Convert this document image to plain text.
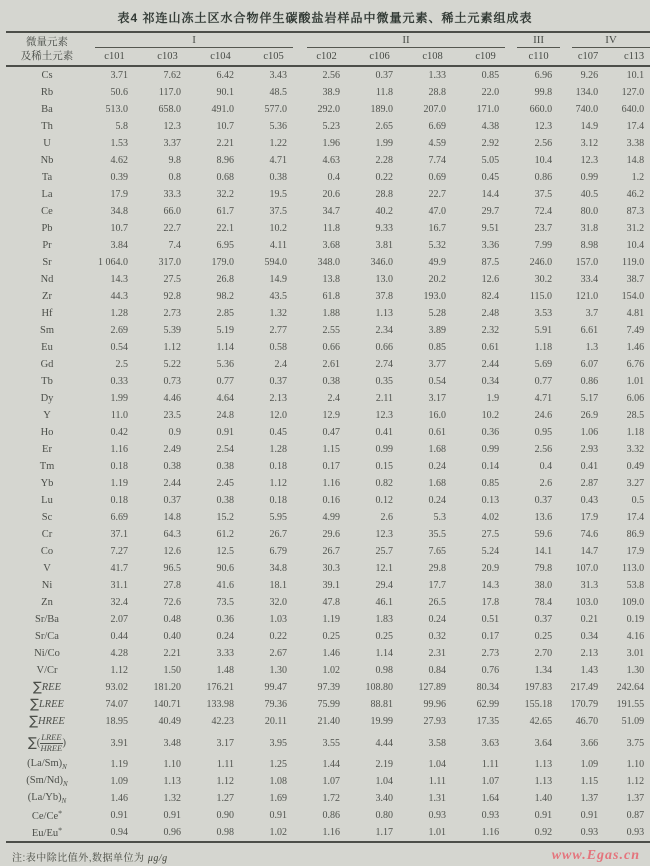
表4 祁连山冻土区水合物伴生碳酸盐岩样品中微量元素、稀土元素组成表
微量元素
及稀土元素	I				II				III	IV	

	c101	c103	c104	c105	c102	c106	c108	c109	c110	c107	c113
Cs	3.71	7.62	6.42	3.43	2.56	0.37	1.33	0.85	6.96	9.26	10.1
Rb	50.6	117.0	90.1	48.5	38.9	11.8	28.8	22.0	99.8	134.0	127.0
Ba	513.0	658.0	491.0	577.0	292.0	189.0	207.0	171.0	660.0	740.0	640.0
Th	5.8	12.3	10.7	5.36	5.23	2.65	6.69	4.38	12.3	14.9	17.4
U	1.53	3.37	2.21	1.22	1.96	1.99	4.59	2.92	2.56	3.12	3.38
Nb	4.62	9.8	8.96	4.71	4.63	2.28	7.74	5.05	10.4	12.3	14.8
Ta	0.39	0.8	0.68	0.38	0.4	0.22	0.69	0.45	0.86	0.99	1.2
La	17.9	33.3	32.2	19.5	20.6	28.8	22.7	14.4	37.5	40.5	46.2
Ce	34.8	66.0	61.7	37.5	34.7	40.2	47.0	29.7	72.4	80.0	87.3
Pb	10.7	22.7	22.1	10.2	11.8	9.33	16.7	9.51	23.7	31.8	31.2
Pr	3.84	7.4	6.95	4.11	3.68	3.81	5.32	3.36	7.99	8.98	10.4
Sr	1 064.0	317.0	179.0	594.0	348.0	346.0	49.9	87.5	246.0	157.0	119.0
Nd	14.3	27.5	26.8	14.9	13.8	13.0	20.2	12.6	30.2	33.4	38.7
Zr	44.3	92.8	98.2	43.5	61.8	37.8	193.0	82.4	115.0	121.0	154.0
Hf	1.28	2.73	2.85	1.32	1.88	1.13	5.28	2.48	3.53	3.7	4.81
Sm	2.69	5.39	5.19	2.77	2.55	2.34	3.89	2.32	5.91	6.61	7.49
Eu	0.54	1.12	1.14	0.58	0.66	0.66	0.85	0.61	1.18	1.3	1.46
Gd	2.5	5.22	5.36	2.4	2.61	2.74	3.77	2.44	5.69	6.07	6.76
Tb	0.33	0.73	0.77	0.37	0.38	0.35	0.54	0.34	0.77	0.86	1.01
Dy	1.99	4.46	4.64	2.13	2.4	2.11	3.17	1.9	4.71	5.17	6.06
Y	11.0	23.5	24.8	12.0	12.9	12.3	16.0	10.2	24.6	26.9	28.5
Ho	0.42	0.9	0.91	0.45	0.47	0.41	0.61	0.36	0.95	1.06	1.18
Er	1.16	2.49	2.54	1.28	1.15	0.99	1.68	0.99	2.56	2.93	3.32
Tm	0.18	0.38	0.38	0.18	0.17	0.15	0.24	0.14	0.4	0.41	0.49
Yb	1.19	2.44	2.45	1.12	1.16	0.82	1.68	0.85	2.6	2.87	3.27
Lu	0.18	0.37	0.38	0.18	0.16	0.12	0.24	0.13	0.37	0.43	0.5
Sc	6.69	14.8	15.2	5.95	4.99	2.6	5.3	4.02	13.6	17.9	17.4
Cr	37.1	64.3	61.2	26.7	29.6	12.3	35.5	27.5	59.6	74.6	86.9
Co	7.27	12.6	12.5	6.79	26.7	25.7	7.65	5.24	14.1	14.7	17.9
V	41.7	96.5	90.6	34.8	30.3	12.1	29.8	20.9	79.8	107.0	113.0
Ni	31.1	27.8	41.6	18.1	39.1	29.4	17.7	14.3	38.0	31.3	53.8
Zn	32.4	72.6	73.5	32.0	47.8	46.1	26.5	17.8	78.4	103.0	109.0
Sr/Ba	2.07	0.48	0.36	1.03	1.19	1.83	0.24	0.51	0.37	0.21	0.19
Sr/Ca	0.44	0.40	0.24	0.22	0.25	0.25	0.32	0.17	0.25	0.34	4.16
Ni/Co	4.28	2.21	3.33	2.67	1.46	1.14	2.31	2.73	2.70	2.13	3.01
V/Cr	1.12	1.50	1.48	1.30	1.02	0.98	0.84	0.76	1.34	1.43	1.30
∑REE	93.02	181.20	176.21	99.47	97.39	108.80	127.89	80.34	197.83	217.49	242.64
∑LREE	74.07	140.71	133.98	79.36	75.99	88.81	99.96	62.99	155.18	170.79	191.55
∑HREE	18.95	40.49	42.23	20.11	21.40	19.99	27.93	17.35	42.65	46.70	51.09
∑( $\frac{\text{LREE}}{\text{HREE}}$ )	3.91	3.48	3.17	3.95	3.55	4.44	3.58	3.63	3.64	3.66	3.75
$(La/Sm)_N$	1.19	1.10	1.11	1.25	1.44	2.19	1.04	1.11	1.13	1.09	1.10
$(Sm/Nd)_N$	1.09	1.13	1.12	1.08	1.07	1.04	1.11	1.07	1.13	1.15	1.12
$(La/Yb)_N$	1.46	1.32	1.27	1.69	1.72	3.40	1.31	1.64	1.40	1.37	1.37
Ce/Ce*	0.91	0.91	0.90	0.91	0.86	0.80	0.93	0.93	0.91	0.91	0.87
Eu/Eu*	0.94	0.96	0.98	1.02	1.16	1.17	1.01	1.16	0.92	0.93	0.93
注:表中除比值外,数据单位为 μg/g	www.Egas.cn
